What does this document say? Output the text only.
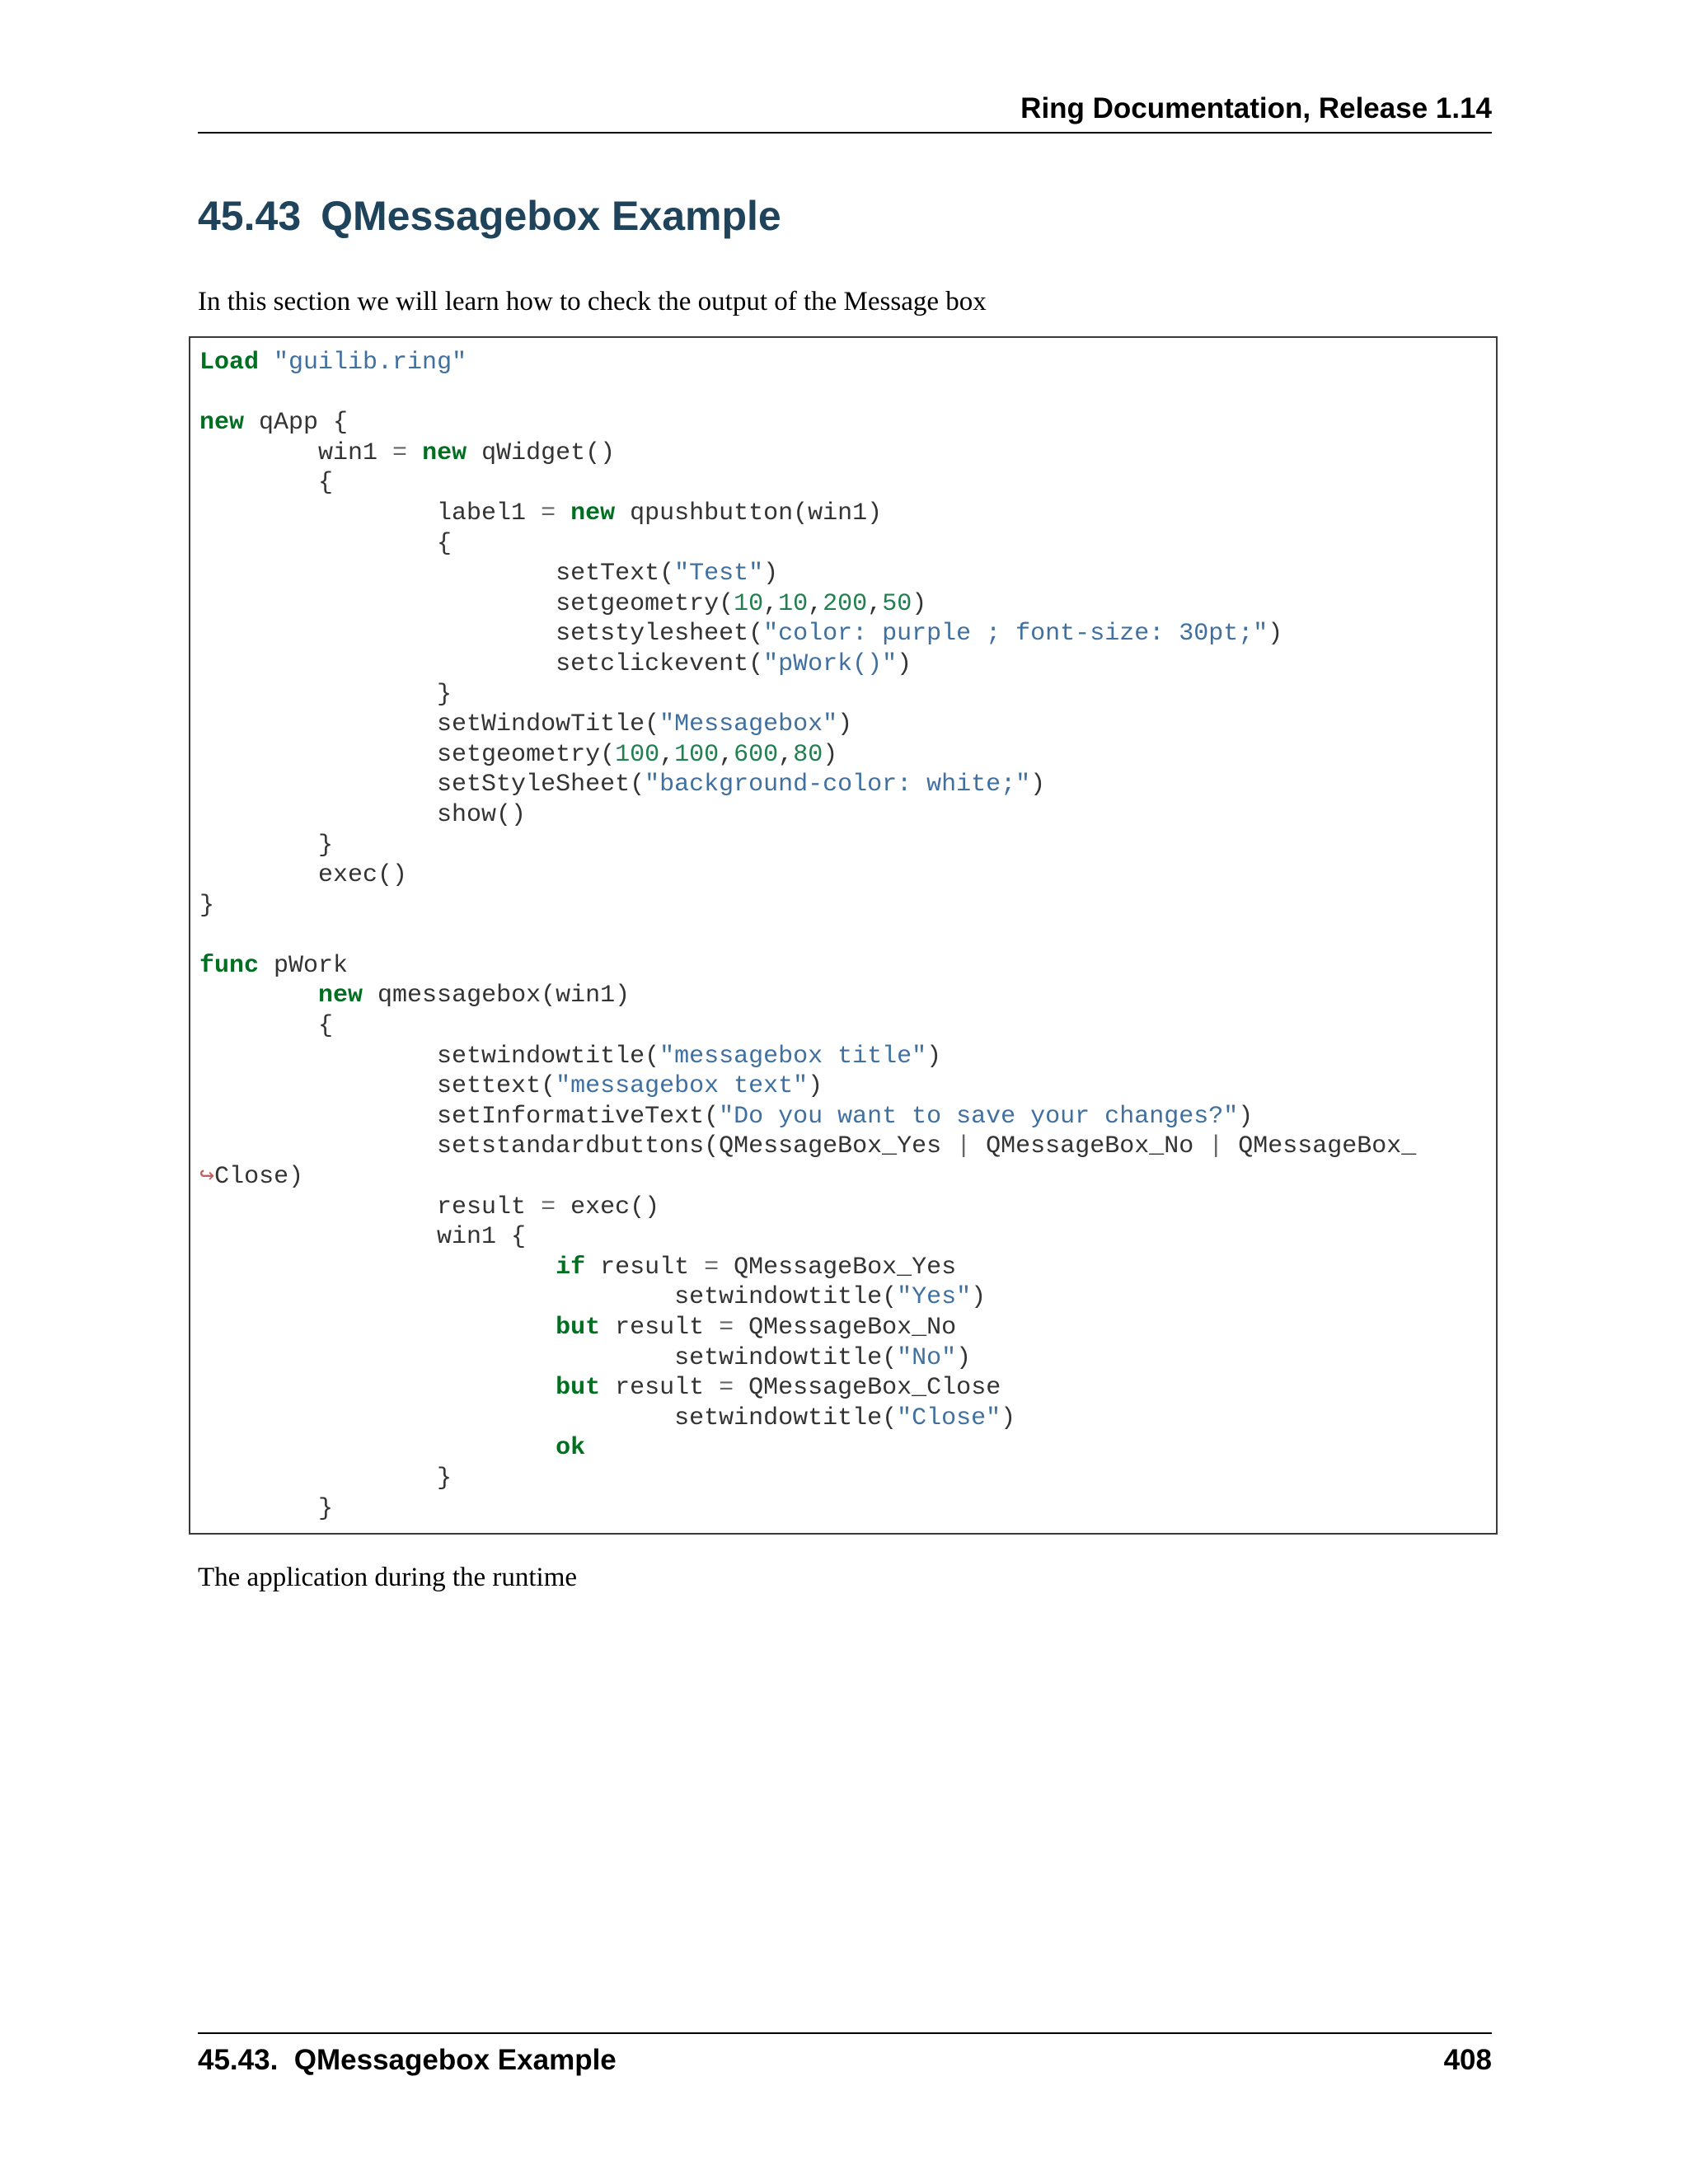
Ring Documentation, Release 1.14
45.43 QMessagebox Example

In this section we will learn how to check the output of the Message box

Load "guilib.ring"

new qApp {
win1 = new qWidget()
{
label1 = new qpushbutton(win1)
{
setText("Test")
setgeometry(10,10,200,50)
setstylesheet("color: purple ; font-size: 30pt;")
setclickevent("pWork()")
}
setWindowTitle("Messagebox")
setgeometry(100,100,600,80)
setStyleSheet("background-color: white;")
show()
}
exec()
}

func pWork
new qmessagebox(win1)
{
setwindowtitle("messagebox title")
settext("messagebox text")
setInformativeText("Do you want to save your changes?")
setstandardbuttons(QMessageBox_Yes | QMessageBox_No | QMessageBox_
↪Close)
result = exec()
win1 {
if result = QMessageBox_Yes
setwindowtitle("Yes")
but result = QMessageBox_No
setwindowtitle("No")
but result = QMessageBox_Close
setwindowtitle("Close")
ok
}
}

The application during the runtime

45.43.  QMessagebox Example	408
